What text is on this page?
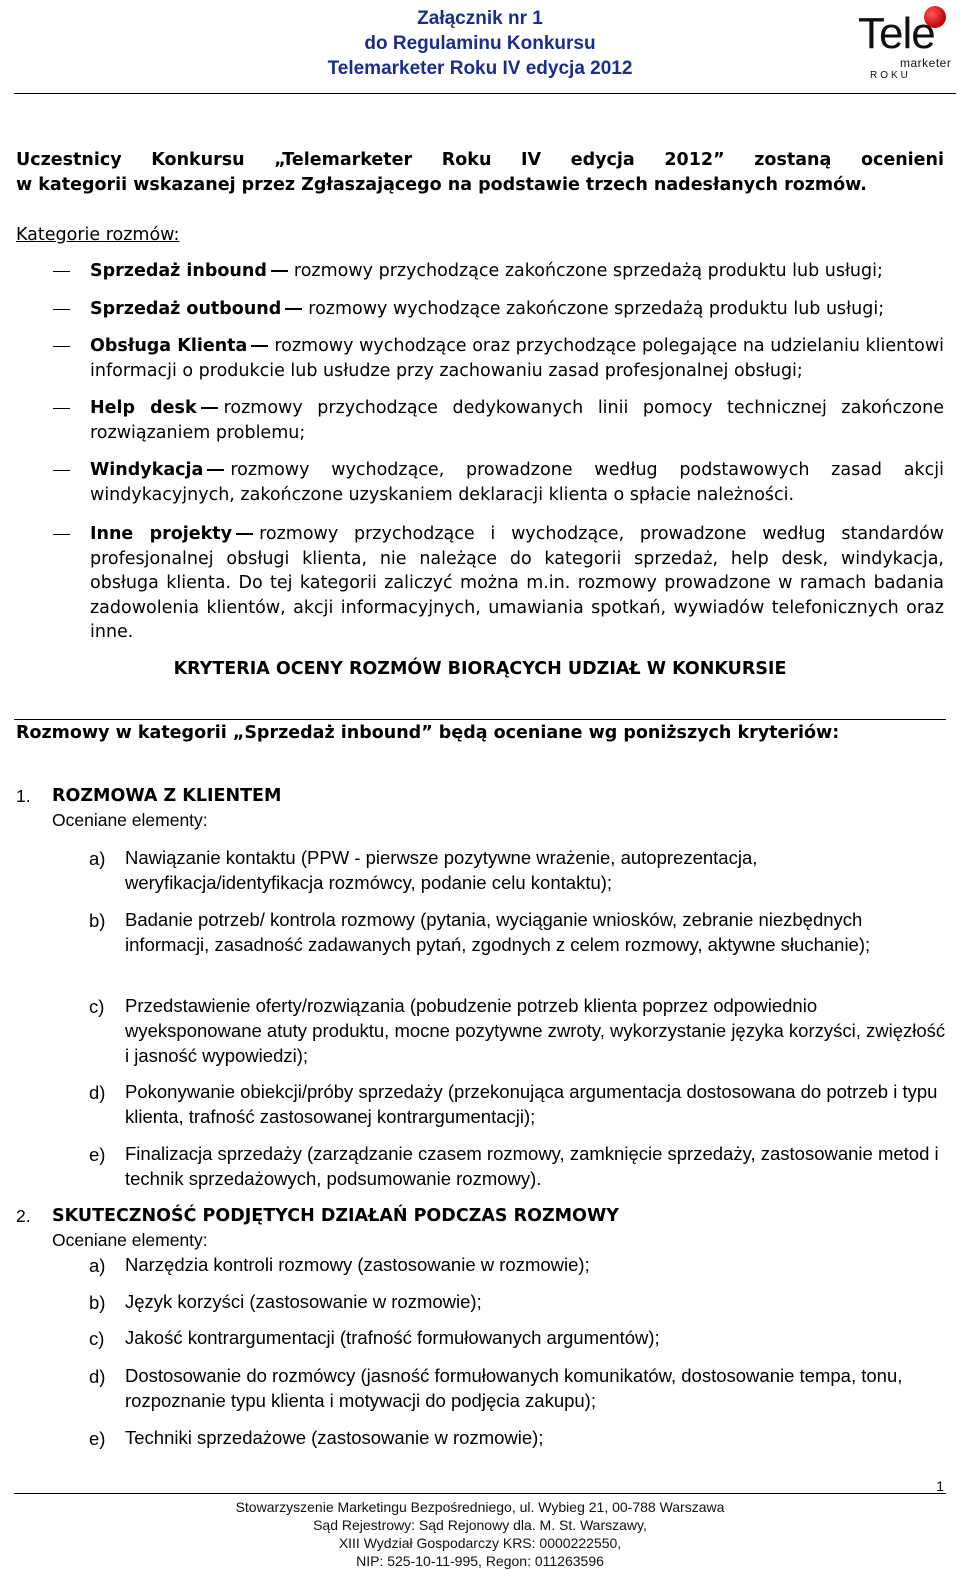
Załącznik nr 1
do Regulaminu Konkursu
Telemarketer Roku IV edycja 2012
Tele
marketer
ROKU
Uczestnicy Konkursu „Telemarketer Roku IV edycja 2012” zostaną ocenieni
w kategorii wskazanej przez Zgłaszającego na podstawie trzech nadesłanych rozmów.
Kategorie rozmów:
Sprzedaż inbound rozmowy przychodzące zakończone sprzedażą produktu lub usługi;
Sprzedaż outbound rozmowy wychodzące zakończone sprzedażą produktu lub usługi;
Obsługa Klienta rozmowy wychodzące oraz przychodzące polegające na udzielaniu klientowi informacji o produkcie lub usłudze przy zachowaniu zasad profesjonalnej obsługi;
Help desk rozmowy przychodzące dedykowanych linii pomocy technicznej zakończone rozwiązaniem problemu;
Windykacja rozmowy wychodzące, prowadzone według podstawowych zasad akcji windykacyjnych, zakończone uzyskaniem deklaracji klienta o spłacie należności.
Inne projekty rozmowy przychodzące i wychodzące, prowadzone według standardów profesjonalnej obsługi klienta, nie należące do kategorii sprzedaż, help desk, windykacja, obsługa klienta. Do tej kategorii zaliczyć można m.in. rozmowy prowadzone w ramach badania zadowolenia klientów, akcji informacyjnych, umawiania spotkań, wywiadów telefonicznych oraz inne.
KRYTERIA OCENY ROZMÓW BIORĄCYCH UDZIAŁ W KONKURSIE
Rozmowy w kategorii „Sprzedaż inbound” będą oceniane wg poniższych kryteriów:
1. ROZMOWA Z KLIENTEM
Oceniane elementy:
a) Nawiązanie kontaktu (PPW - pierwsze pozytywne wrażenie, autoprezentacja, weryfikacja/identyfikacja rozmówcy, podanie celu kontaktu);
b) Badanie potrzeb/ kontrola rozmowy (pytania, wyciąganie wniosków, zebranie niezbędnych informacji, zasadność zadawanych pytań, zgodnych z celem rozmowy, aktywne słuchanie);
c) Przedstawienie oferty/rozwiązania (pobudzenie potrzeb klienta poprzez odpowiednio wyeksponowane atuty produktu, mocne pozytywne zwroty, wykorzystanie języka korzyści, zwięzłość i jasność wypowiedzi);
d) Pokonywanie obiekcji/próby sprzedaży (przekonująca argumentacja dostosowana do potrzeb i typu klienta, trafność zastosowanej kontrargumentacji);
e) Finalizacja sprzedaży (zarządzanie czasem rozmowy, zamknięcie sprzedaży, zastosowanie metod i technik sprzedażowych, podsumowanie rozmowy).
2. SKUTECZNOŚĆ PODJĘTYCH DZIAŁAŃ PODCZAS ROZMOWY
Oceniane elementy:
a) Narzędzia kontroli rozmowy (zastosowanie w rozmowie);
b) Język korzyści (zastosowanie w rozmowie);
c) Jakość kontrargumentacji (trafność formułowanych argumentów);
d) Dostosowanie do rozmówcy (jasność formułowanych komunikatów, dostosowanie tempa, tonu, rozpoznanie typu klienta i motywacji do podjęcia zakupu);
e) Techniki sprzedażowe (zastosowanie w rozmowie);
1
Stowarzyszenie Marketingu Bezpośredniego, ul. Wybieg 21, 00-788 Warszawa
Sąd Rejestrowy: Sąd Rejonowy dla. M. St. Warszawy,
XIII Wydział Gospodarczy KRS: 0000222550,
NIP: 525-10-11-995, Regon: 011263596
